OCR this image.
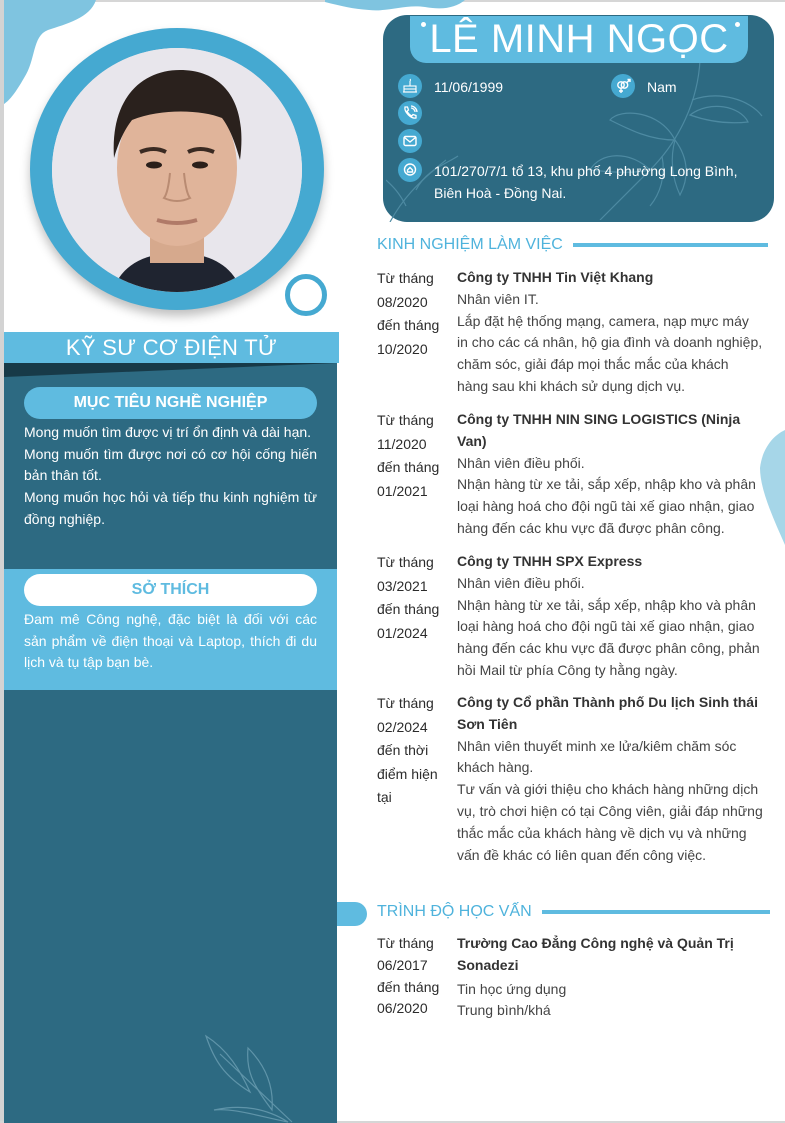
KỸ SƯ CƠ ĐIỆN TỬ
MỤC TIÊU NGHỀ NGHIỆP
Mong muốn tìm được vị trí ổn định và dài hạn.
Mong muốn tìm được nơi có cơ hội cống hiến bản thân tốt.
Mong muốn học hỏi và tiếp thu kinh nghiệm từ đồng nghiệp.
SỞ THÍCH
Đam mê Công nghệ, đặc biệt là đối với các sản phẩm về điện thoại và Laptop, thích đi du lịch và tụ tập bạn bè.
LÊ MINH NGỌC
11/06/1999	Nam
101/270/7/1 tổ 13, khu phố 4 phường Long Bình, Biên Hoà - Đồng Nai.
KINH NGHIỆM LÀM VIỆC
Từ tháng
08/2020
đến tháng
10/2020
Công ty TNHH Tin Việt Khang
Nhân viên IT.
Lắp đặt hệ thống mạng, camera, nạp mực máy in cho các cá nhân, hộ gia đình và doanh nghiệp, chăm sóc, giải đáp mọi thắc mắc của khách hàng sau khi khách sử dụng dịch vụ.
Từ tháng
11/2020
đến tháng
01/2021
Công ty TNHH NIN SING LOGISTICS (Ninja Van)
Nhân viên điều phối.
Nhận hàng từ xe tải, sắp xếp, nhập kho và phân loại hàng hoá cho đội ngũ tài xế giao nhận, giao hàng đến các khu vực đã được phân công.
Từ tháng
03/2021
đến tháng
01/2024
Công ty TNHH SPX Express
Nhân viên điều phối.
Nhận hàng từ xe tải, sắp xếp, nhập kho và phân loại hàng hoá cho đội ngũ tài xế giao nhận, giao hàng đến các khu vực đã được phân công, phản hồi Mail từ phía Công ty hằng ngày.
Từ tháng
02/2024
đến thời
điểm hiện
tại
Công ty Cổ phần Thành phố Du lịch Sinh thái Sơn Tiên
Nhân viên thuyết minh xe lửa/kiêm chăm sóc khách hàng.
Tư vấn và giới thiệu cho khách hàng những dịch vụ, trò chơi hiện có tại Công viên, giải đáp những thắc mắc của khách hàng về dịch vụ và những vấn đề khác có liên quan đến công việc.
TRÌNH ĐỘ HỌC VẤN
Từ tháng
06/2017
đến tháng
06/2020
Trường Cao Đẳng Công nghệ và Quản Trị Sonadezi
Tin học ứng dụng
Trung bình/khá
